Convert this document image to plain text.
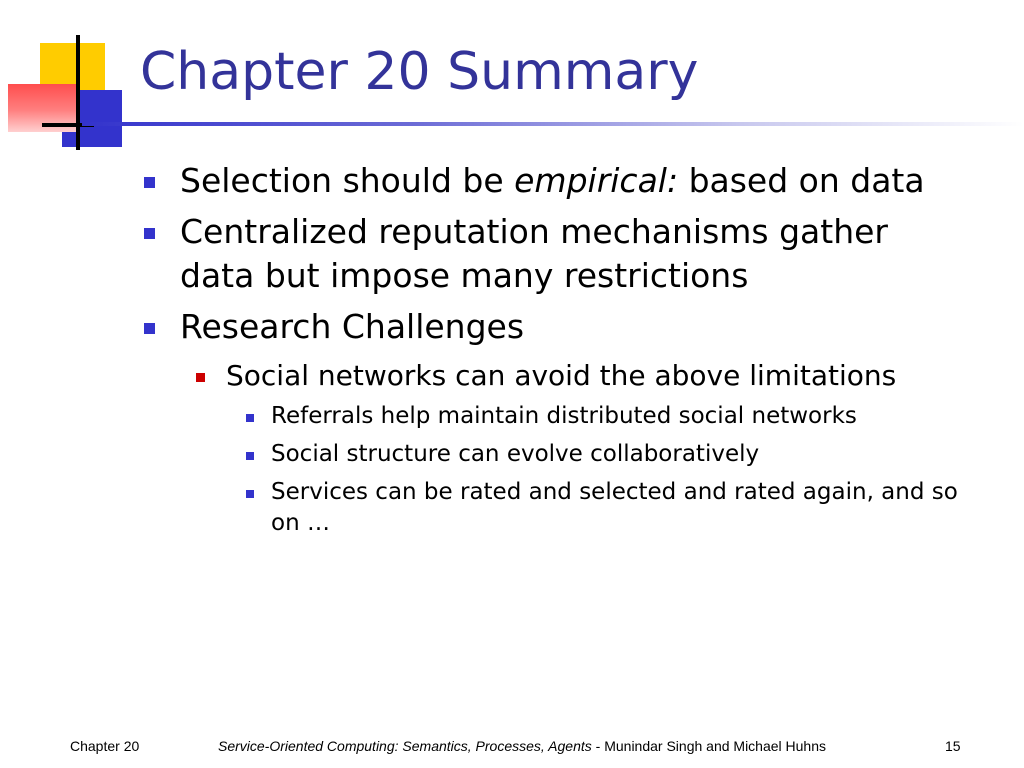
Chapter 20 Summary
Selection should be empirical: based on data
Centralized reputation mechanisms gather data but impose many restrictions
Research Challenges
Social networks can avoid the above limitations
Referrals help maintain distributed social networks
Social structure can evolve collaboratively
Services can be rated and selected and rated again, and so on …
Chapter 20	Service-Oriented Computing: Semantics, Processes, Agents - Munindar Singh and Michael Huhns	15
